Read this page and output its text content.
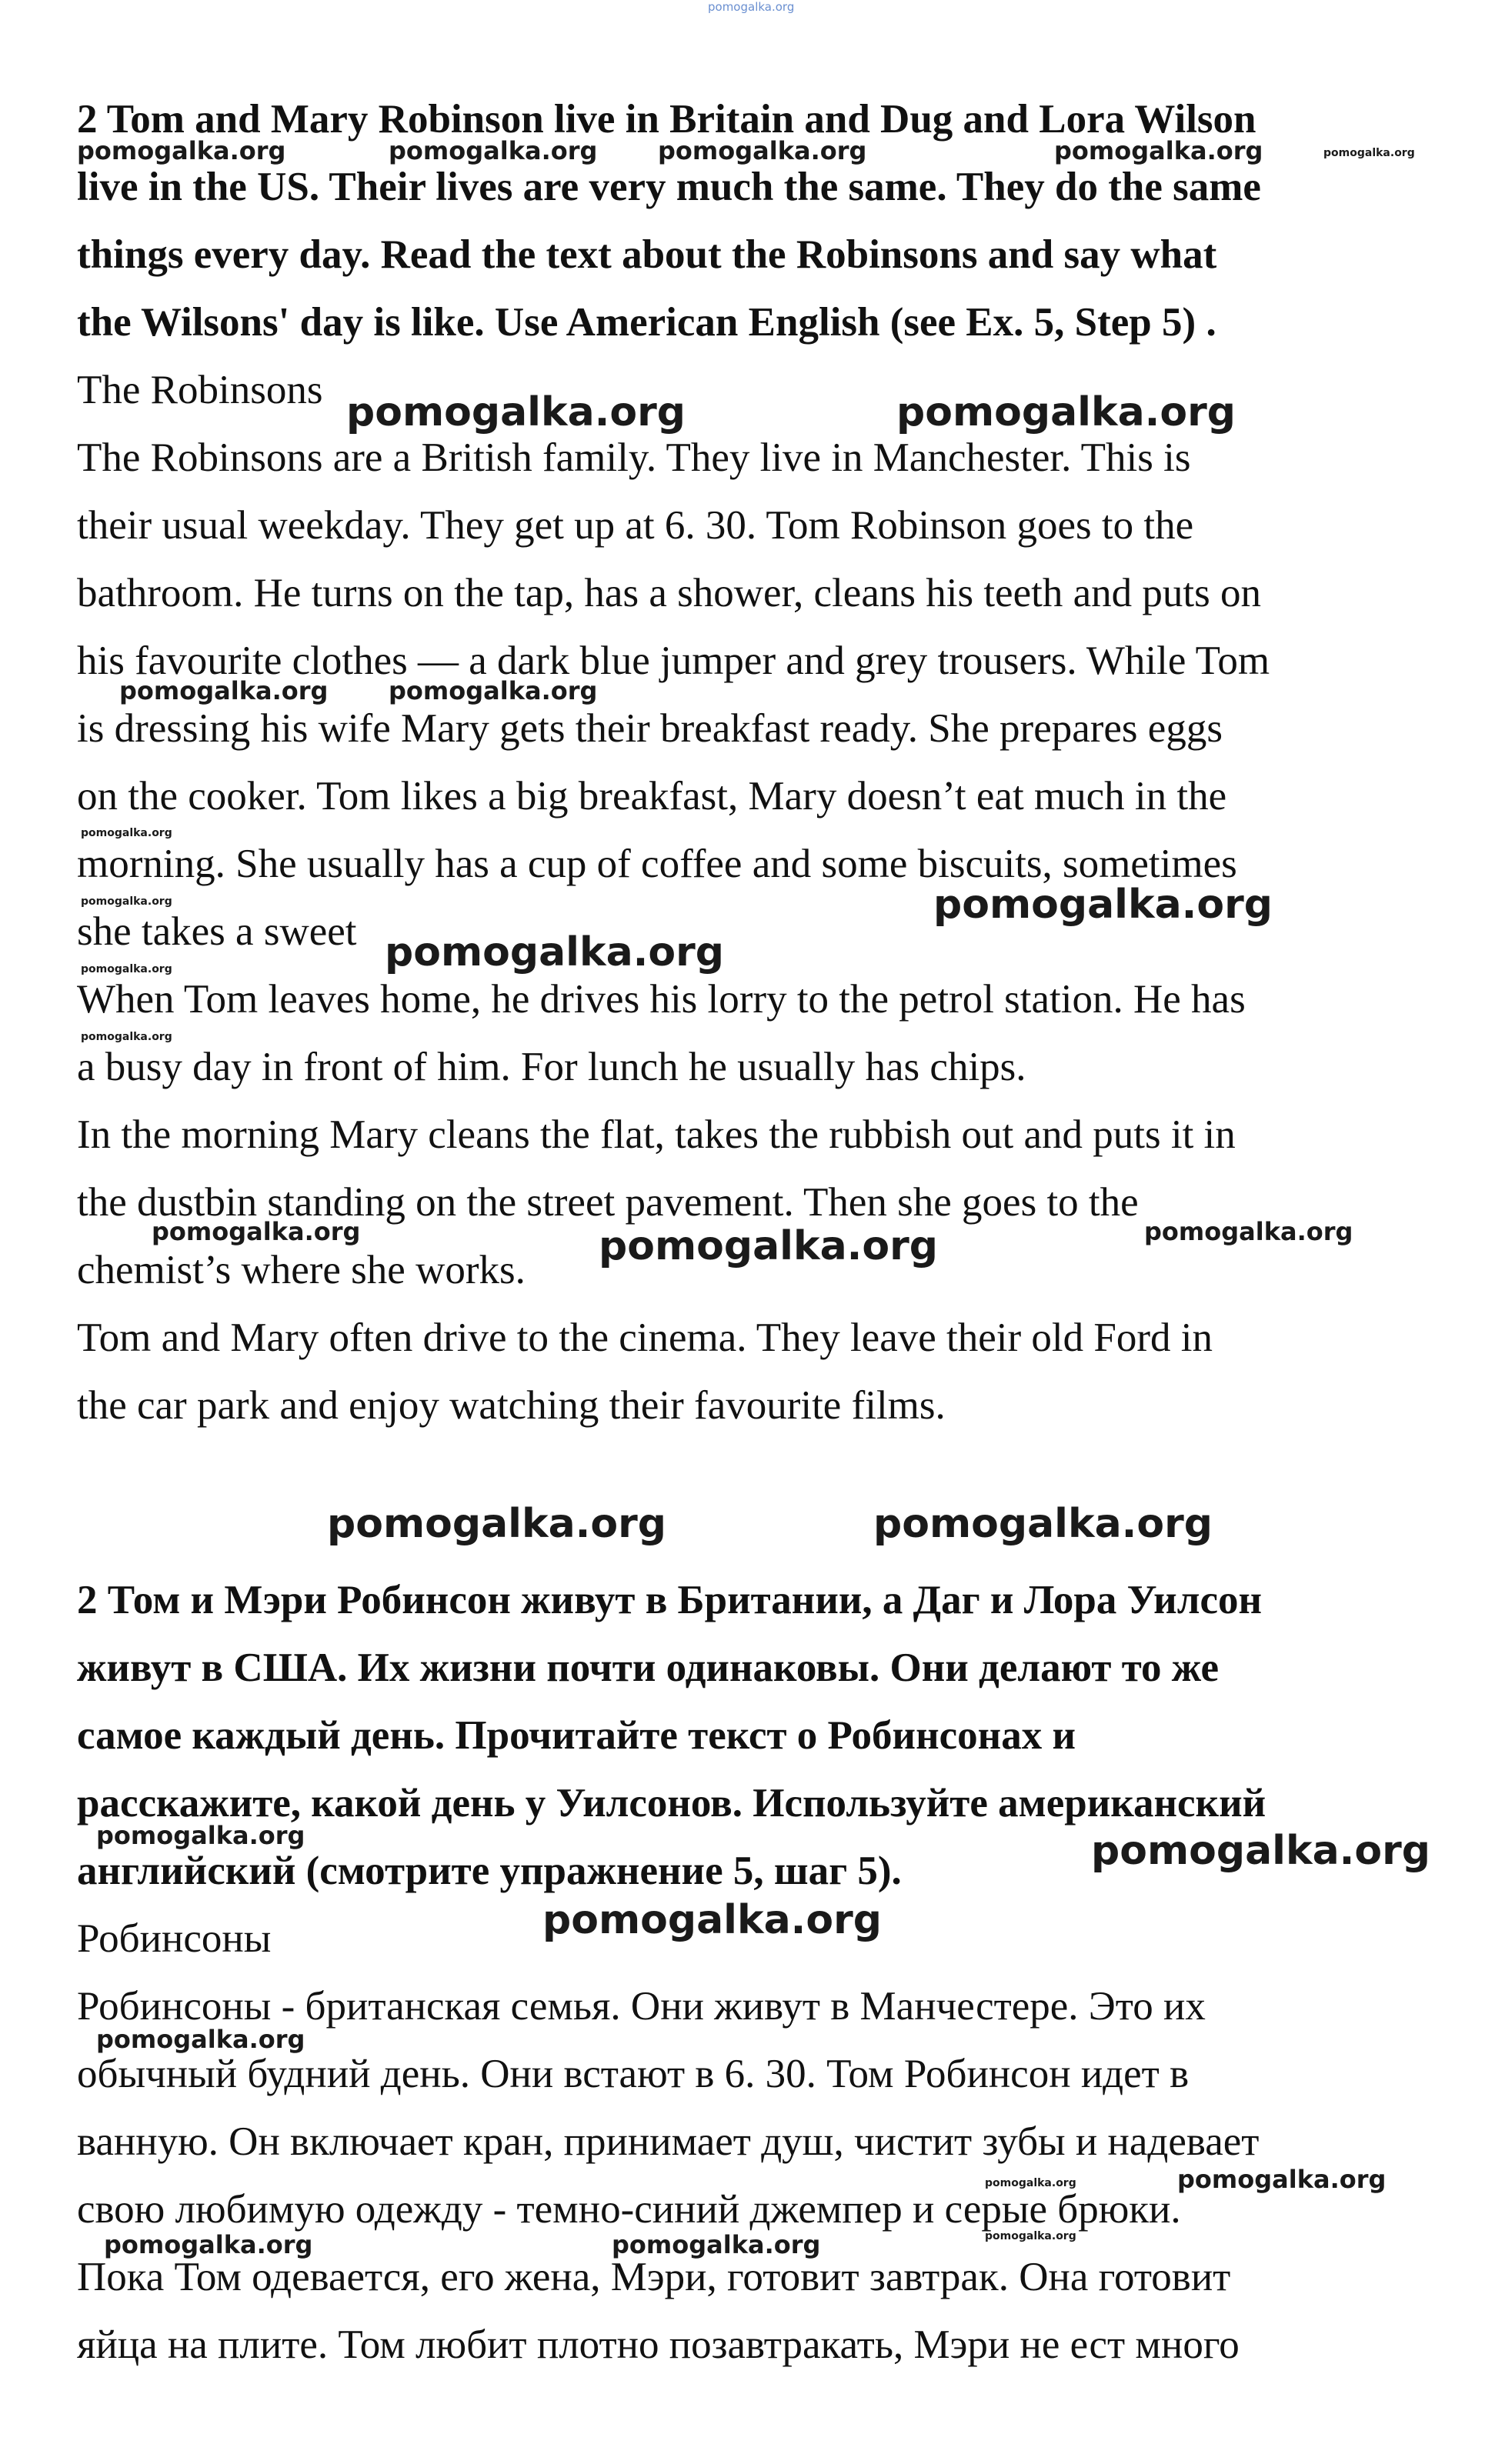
pomogalka.org

2 Tom and Mary Robinson live in Britain and Dug and Lora Wilson

live in the US. Their lives are very much the same. They do the same

things every day. Read the text about the Robinsons and say what

the Wilsons' day is like. Use American English (see Ex. 5, Step 5) .

The Robinsons

The Robinsons are a British family. They live in Manchester. This is

their usual weekday. They get up at 6. 30. Tom Robinson goes to the

bathroom. He turns on the tap, has a shower, cleans his teeth and puts on

his favourite clothes — a dark blue jumper and grey trousers. While Tom

is dressing his wife Mary gets their breakfast ready. She prepares eggs

on the cooker. Tom likes a big breakfast, Mary doesn’t eat much in the

morning. She usually has a cup of coffee and some biscuits, sometimes

she takes a sweet

When Tom leaves home, he drives his lorry to the petrol station. He has

a busy day in front of him. For lunch he usually has chips.

In the morning Mary cleans the flat, takes the rubbish out and puts it in

the dustbin standing on the street pavement. Then she goes to the

chemist’s where she works.

Tom and Mary often drive to the cinema. They leave their old Ford in

the car park and enjoy watching their favourite films.

2 Том и Мэри Робинсон живут в Британии, а Даг и Лора Уилсон

живут в США. Их жизни почти одинаковы. Они делают то же

самое каждый день. Прочитайте текст о Робинсонах и

расскажите, какой день у Уилсонов. Используйте американский

английский (смотрите упражнение 5, шаг 5).

Робинсоны

Робинсоны - британская семья. Они живут в Манчестере. Это их

обычный будний день. Они встают в 6. 30. Том Робинсон идет в

ванную. Он включает кран, принимает душ, чистит зубы и надевает

свою любимую одежду - темно-синий джемпер и серые брюки.

Пока Том одевается, его жена, Мэри, готовит завтрак. Она готовит

яйца на плите. Том любит плотно позавтракать, Мэри не ест много

pomogalka.org	pomogalka.org pomogalka.org	pomogalka.org	pomogalka.org
pomogalka.org	pomogalka.org
pomogalka.org pomogalka.org
pomogalka.org
pomogalka.org
pomogalka.org
pomogalka.org
pomogalka.org
pomogalka.org
pomogalka.org	pomogalka.org
pomogalka.org
pomogalka.org	pomogalka.org
pomogalka.org	pomogalka.org
pomogalka.org
pomogalka.org
pomogalka.org	pomogalka.org
pomogalka.org	pomogalka.org	pomogalka.org
